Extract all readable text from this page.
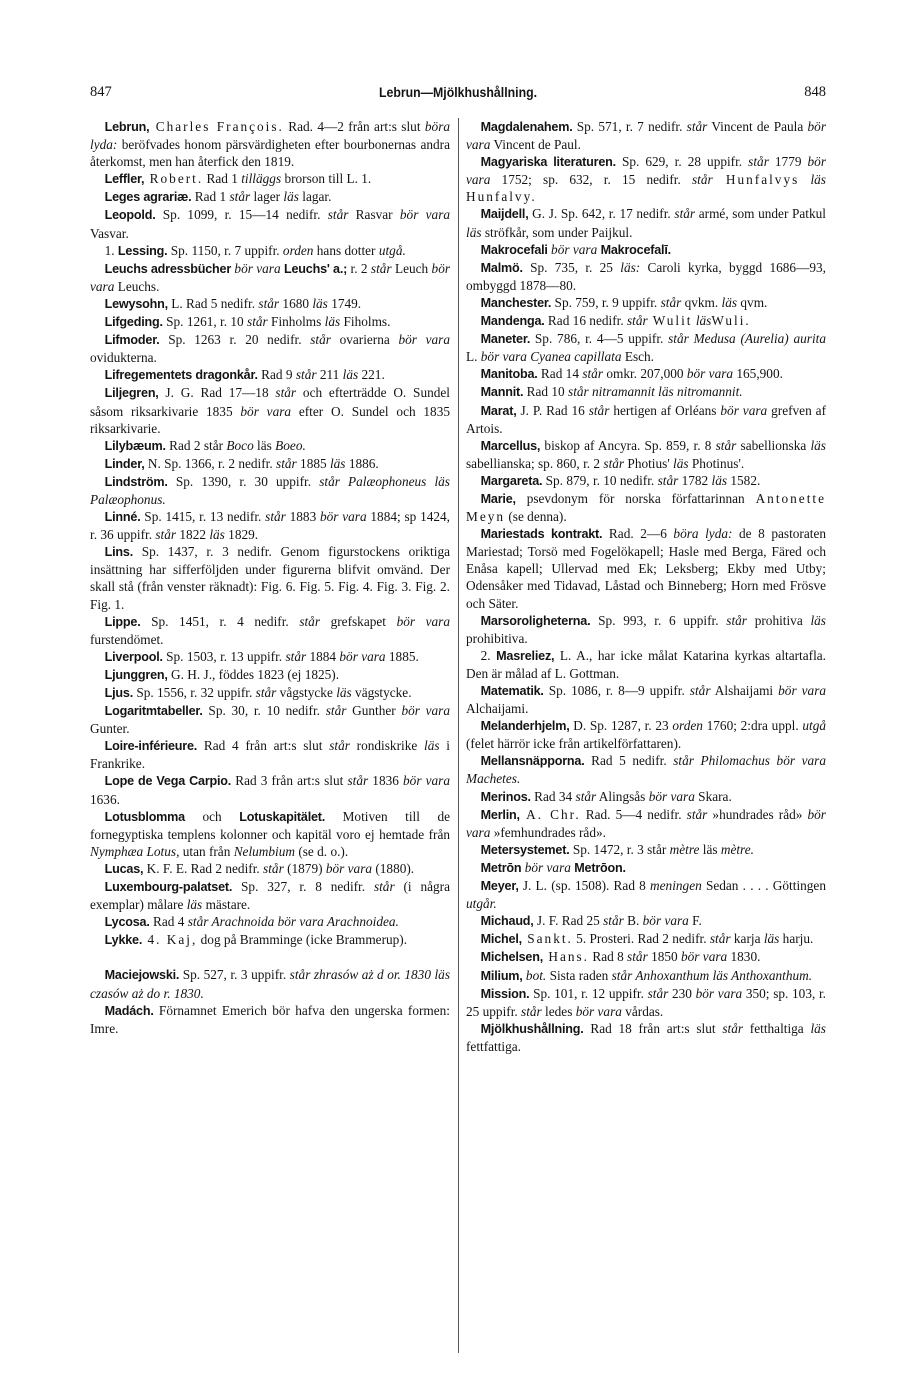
847	Lebrun—Mjölkhushållning.	848

Lebrun, Charles François. Rad. 4—2 från art:s slut böra lyda: beröfvades honom pärsvärdigheten efter bourbonernas andra återkomst, men han återfick den 1819.

Leffler, Robert. Rad 1 tilläggs brorson till L. 1.

Leges agrariæ. Rad 1 står lager läs lagar.

Leopold. Sp. 1099, r. 15—14 nedifr. står Rasvar bör vara Vasvar.

1. Lessing. Sp. 1150, r. 7 uppifr. orden hans dotter utgå.

Leuchs adressbücher bör vara Leuchs' a.; r. 2 står Leuch bör vara Leuchs.

Lewysohn, L. Rad 5 nedifr. står 1680 läs 1749.

Lifgeding. Sp. 1261, r. 10 står Finholms läs Fiholms.

Lifmoder. Sp. 1263 r. 20 nedifr. står ovarierna bör vara ovidukterna.

Lifregementets dragonkår. Rad 9 står 211 läs 221.

Liljegren, J. G. Rad 17—18 står och efterträdde O. Sundel såsom riksarkivarie 1835 bör vara efter O. Sundel och 1835 riksarkivarie.

Lilybæum. Rad 2 står Boco läs Boeo.

Linder, N. Sp. 1366, r. 2 nedifr. står 1885 läs 1886.

Lindström. Sp. 1390, r. 30 uppifr. står Palæophoneus läs Palæophonus.

Linné. Sp. 1415, r. 13 nedifr. står 1883 bör vara 1884; sp 1424, r. 36 uppifr. står 1822 läs 1829.

Lins. Sp. 1437, r. 3 nedifr. Genom figurstockens oriktiga insättning har sifferföljden under figurerna blifvit omvänd. Der skall stå (från venster räknadt): Fig. 6. Fig. 5. Fig. 4. Fig. 3. Fig. 2. Fig. 1.

Lippe. Sp. 1451, r. 4 nedifr. står grefskapet bör vara furstendömet.

Liverpool. Sp. 1503, r. 13 uppifr. står 1884 bör vara 1885.

Ljunggren, G. H. J., föddes 1823 (ej 1825).

Ljus. Sp. 1556, r. 32 uppifr. står vågstycke läs vägstycke.

Logaritmtabeller. Sp. 30, r. 10 nedifr. står Gunther bör vara Gunter.

Loire-inférieure. Rad 4 från art:s slut står rondiskrike läs i Frankrike.

Lope de Vega Carpio. Rad 3 från art:s slut står 1836 bör vara 1636.

Lotusblomma och Lotuskapitälet. Motiven till de fornegyptiska templens kolonner och kapitäl voro ej hemtade från Nymphæa Lotus, utan från Nelumbium (se d. o.).

Lucas, K. F. E. Rad 2 nedifr. står (1879) bör vara (1880).

Luxembourg-palatset. Sp. 327, r. 8 nedifr. står (i några exemplar) målare läs mästare.

Lycosa. Rad 4 står Arachnoida bör vara Arachnoidea.

Lykke. 4. Kaj, dog på Bramminge (icke Brammerup).

Maciejowski. Sp. 527, r. 3 uppifr. står zhrasów aż d or. 1830 läs czasów aż do r. 1830.

Madách. Förnamnet Emerich bör hafva den ungerska formen: Imre.

Magdalenahem. Sp. 571, r. 7 nedifr. står Vincent de Paula bör vara Vincent de Paul.

Magyariska literaturen. Sp. 629, r. 28 uppifr. står 1779 bör vara 1752; sp. 632, r. 15 nedifr. står Hunfalvys läs Hunfalvy.

Maijdell, G. J. Sp. 642, r. 17 nedifr. står armé, som under Patkul läs ströfkår, som under Paijkul.

Makrocefali bör vara Makrocefalī.

Malmö. Sp. 735, r. 25 läs: Caroli kyrka, byggd 1686—93, ombyggd 1878—80.

Manchester. Sp. 759, r. 9 uppifr. står qvkm. läs qvm.

Mandenga. Rad 16 nedifr. står Wulit läsWuli.

Maneter. Sp. 786, r. 4—5 uppifr. står Medusa (Aurelia) aurita L. bör vara Cyanea capillata Esch.

Manitoba. Rad 14 står omkr. 207,000 bör vara 165,900.

Mannit. Rad 10 står nitramannit läs nitromannit.

Marat, J. P. Rad 16 står hertigen af Orléans bör vara grefven af Artois.

Marcellus, biskop af Ancyra. Sp. 859, r. 8 står sabellionska läs sabellianska; sp. 860, r. 2 står Photius' läs Photinus'.

Margareta. Sp. 879, r. 10 nedifr. står 1782 läs 1582.

Marie, psevdonym för norska författarinnan Antonette Meyn (se denna).

Mariestads kontrakt. Rad. 2—6 böra lyda: de 8 pastoraten Mariestad; Torsö med Fogelökapell; Hasle med Berga, Färed och Enåsa kapell; Ullervad med Ek; Leksberg; Ekby med Utby; Odensåker med Tidavad, Låstad och Binneberg; Horn med Frösve och Säter.

Marsoroligheterna. Sp. 993, r. 6 uppifr. står prohitiva läs prohibitiva.

2. Masreliez, L. A., har icke målat Katarina kyrkas altartafla. Den är målad af L. Gottman.

Matematik. Sp. 1086, r. 8—9 uppifr. står Alshaijami bör vara Alchaijami.

Melanderhjelm, D. Sp. 1287, r. 23 orden 1760; 2:dra uppl. utgå (felet härrör icke från artikelförfattaren).

Mellansnäpporna. Rad 5 nedifr. står Philomachus bör vara Machetes.

Merinos. Rad 34 står Alingsås bör vara Skara.

Merlin, A. Chr. Rad. 5—4 nedifr. står »hundrades råd» bör vara »femhundrades råd».

Metersystemet. Sp. 1472, r. 3 står mètre läs mètre.

Metrōn bör vara Metrōon.

Meyer, J. L. (sp. 1508). Rad 8 meningen Sedan . . . . Göttingen utgår.

Michaud, J. F. Rad 25 står B. bör vara F.

Michel, Sankt. 5. Prosteri. Rad 2 nedifr. står karja läs harju.

Michelsen, Hans. Rad 8 står 1850 bör vara 1830.

Milium, bot. Sista raden står Anhoxanthum läs Anthoxanthum.

Mission. Sp. 101, r. 12 uppifr. står 230 bör vara 350; sp. 103, r. 25 uppifr. står ledes bör vara vårdas.

Mjölkhushållning. Rad 18 från art:s slut står fetthaltiga läs fettfattiga.
